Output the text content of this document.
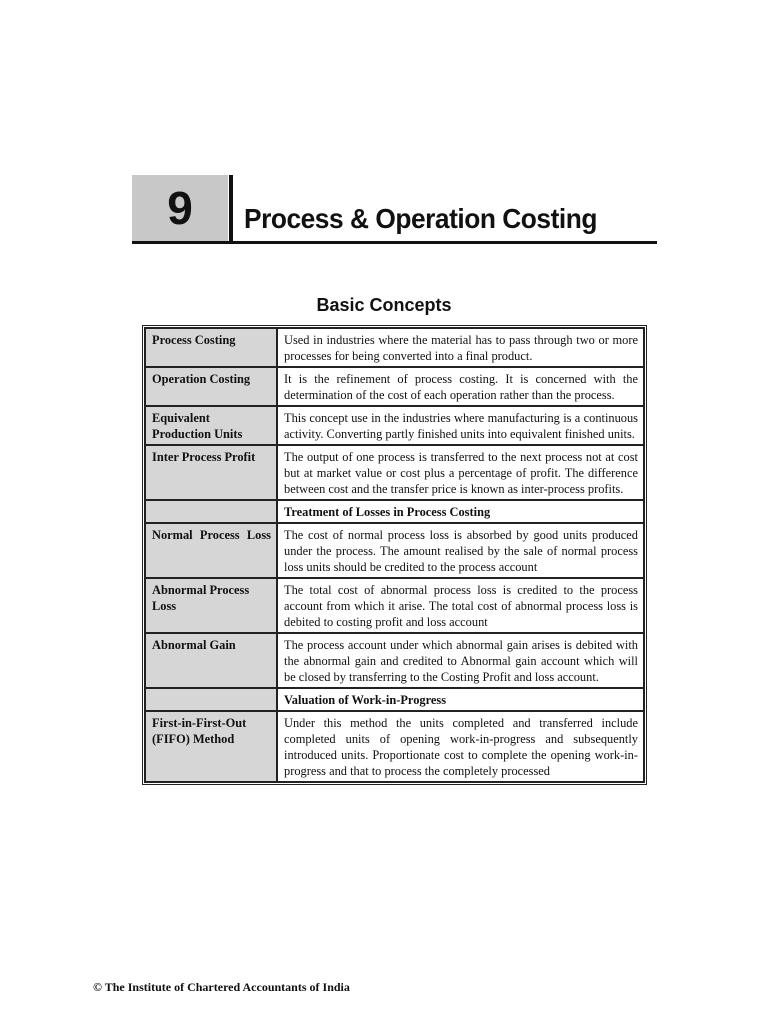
9	Process & Operation Costing
Basic Concepts
Process Costing	Used in industries where the material has to pass through two or more processes for being converted into a final product.
Operation Costing	It is the refinement of process costing. It is concerned with the determination of the cost of each operation rather than the process.
Equivalent Production Units	This concept use in the industries where manufacturing is a continuous activity. Converting partly finished units into equivalent finished units.
Inter Process Profit	The output of one process is transferred to the next process not at cost but at market value or cost plus a percentage of profit. The difference between cost and the transfer price is known as inter-process profits.
	Treatment of Losses in Process Costing

Normal Process Loss	The cost of normal process loss is absorbed by good units produced under the process. The amount realised by the sale of normal process loss units should be credited to the process account
Abnormal Process Loss	The total cost of abnormal process loss is credited to the process account from which it arise. The total cost of abnormal process loss is debited to costing profit and loss account
Abnormal Gain	The process account under which abnormal gain arises is debited with the abnormal gain and credited to Abnormal gain account which will be closed by transferring to the Costing Profit and loss account.
	Valuation of Work-in-Progress
First-in-First-Out (FIFO) Method	Under this method the units completed and transferred include completed units of opening work-in-progress and subsequently introduced units. Proportionate cost to complete the opening work-in-progress and that to process the completely processed
© The Institute of Chartered Accountants of India
